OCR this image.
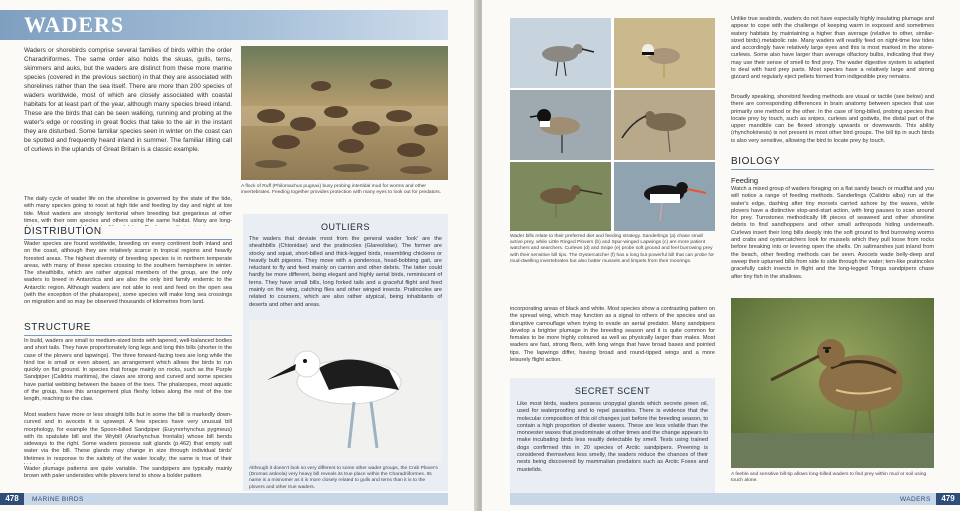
WADERS
Waders or shorebirds comprise several families of birds within the order Charadriiformes. The same order also holds the skuas, gulls, terns, skimmers and auks, but the waders are distinct from these more marine species (covered in the previous section) in that they are associated with shorelines rather than the sea itself. There are more than 200 species of waders worldwide, most of which are closely associated with coastal habitats for at least part of the year, although many species breed inland. These are the birds that can be seen walking, running and probing at the water's edge or roosting in great flocks that take to the air in the instant they are disturbed. Some familiar species seen in winter on the coast can be spotted and frequently heard inland in summer. The familiar lilting call of curlews in the uplands of Great Britain is a classic example.
A flock of Ruff (Philomachus pugnax) busy probing intertidal mud for worms and other invertebrates. Feeding together provides protection with many eyes to look out for predators.
The daily cycle of wader life on the shoreline is governed by the state of the tide, with many species going to roost at high tide and feeding by day and night at low tide. Most waders are strongly territorial when breeding but gregarious at other times, with their own species and others using the same habitat. Many are long-
DISTRIBUTION
Wader species are found worldwide, breeding on every continent both inland and on the coast, although they are relatively scarce in tropical regions and heavily forested areas. The highest diversity of breeding species is in northern temperate areas, with many of these species crossing to the southern hemisphere in winter. The sheathbills, which are rather atypical members of the group, are the only waders to breed in Antarctica and are also the only bird family endemic to the Antarctic region. Although waders are not able to rest and feed on the open sea (with the exception of the phalaropes), some species will make long sea crossings on migration and so may be observed thousands of kilometres from land.
STRUCTURE
In build, waders are small to medium-sized birds with tapered, well-balanced bodies and short tails. They have proportionately long legs and long thin bills (shorter in the case of the plovers and lapwings). The three forward-facing toes are long while the hind toe is small or even absent, an arrangement which allows the birds to run quickly on flat ground. In species that forage mainly on rocks, such as the Purple Sandpiper (Calidris maritima), the claws are strong and curved and some species have partial webbing between the bases of the toes. The phalaropes, most aquatic of the group, have this arrangement plus fleshy lobes along the rest of the toe length, reaching to the claw.
Most waders have more or less straight bills but in some the bill is markedly down-curved and in avocets it is upswept. A few species have very unusual bill morphology, for example the Spoon-billed Sandpiper (Eurynorhynchus pygmeus) with its spatulate bill and the Wrybill (Anarhynchus frontalis) whose bill bends sideways to the right. Some waders possess salt glands (p.462) that empty salt water via the bill. These glands may change in size through individual birds' lifetimes in response to the salinity of the water locally; the same is true of their
Wader plumage patterns are quite variable. The sandpipers are typically mainly brown with paler undersides while plovers tend to show a bolder pattern
OUTLIERS
The waders that deviate most from the general wader 'look' are the sheathbills (Chionidae) and the pratincoles (Glareolidae). The former are stocky and squat, short-billed and thick-legged birds, resembling chickens or heavily built pigeons. They move with a ponderous, head-bobbing gait, are reluctant to fly and feed mainly on carrion and other debris. The latter could hardly be more different, being elegant and highly aerial birds, reminiscent of terns. They have small bills, long forked tails and a graceful flight and feed mainly on the wing, catching flies and other winged insects. Pratincoles are related to coursers, which are also rather atypical, being inhabitants of deserts and other arid areas.
Although it doesn't look so very different to some other wader groups, the Crab Plover's (Dromas ardeola) very heavy bill reveals its true place within the Charadriiformes. Its name is a misnomer as it is more closely related to gulls and terns than it is to the plovers and other true waders.
478	MARINE BIRDS
Wader bills relate to their preferred diet and feeding strategy. Sanderlings (a) chase small active prey, while Little Ringed Plovers (b) and Spur-winged Lapwings (c) are more patient watchers and searchers. Curlews (d) and Snipe (e) probe soft ground and feel burrowing prey with their sensitive bill tips. The Oystercatcher (f) has a long but powerful bill that can probe for mud-dwelling invertebrates but also batter mussels and limpets from their moorings.
incorporating areas of black and white. Most species show a contrasting pattern on the spread wing, which may function as a signal to others of the species and as disruptive camouflage when trying to evade an aerial predator. Many sandpipers develop a brighter plumage in the breeding season and it is quite common for females to be more highly coloured as well as physically larger than males. Most waders are fast, strong fliers, with long wings that have broad bases and pointed tips. The lapwings differ, having broad and round-tipped wings and a more leisurely flight action.
SECRET SCENT
Like most birds, waders possess uropygial glands which secrete preen oil, used for waterproofing and to repel parasites. There is evidence that the molecular composition of this oil changes just before the breeding season, to contain a high proportion of diester waxes. These are less volatile than the monoester waxes that predominate at other times and the change appears to make incubating birds less readily detectable by smell. Tests using trained dogs confirmed this in 20 species of Arctic sandpipers. Preening is considered themselves less smelly, the waders reduce the chances of their nests being discovered by mammalian predators such as Arctic Foxes and mustelids.
Unlike true seabirds, waders do not have especially highly insulating plumage and appear to cope with the challenge of keeping warm in exposed and sometimes watery habitats by maintaining a higher than average (relative to other, similar-sized birds) metabolic rate. Many waders will readily feed on night-time low tides and accordingly have relatively large eyes and this is most marked in the stone-curlews. Some also have larger than average olfactory bulbs, indicating that they may use their sense of smell to find prey. The wader digestive system is adapted to deal with hard prey parts. Most species have a relatively large and strong gizzard and regularly eject pellets formed from indigestible prey remains.
Broadly speaking, shorebird feeding methods are visual or tactile (see below) and there are corresponding differences in brain anatomy between species that use primarily one method or the other. In the case of long-billed, probing species that locate prey by touch, such as snipes, curlews and godwits, the distal part of the upper mandible can be flexed strongly upwards or downwards. This ability (rhynchokinesis) is not present in most other bird groups. The bill tip in such birds is also very sensitive, allowing the bird to locate prey by touch.
BIOLOGY
Feeding
Watch a mixed group of waders foraging on a flat sandy beach or mudflat and you will notice a range of feeding methods. Sanderlings (Calidris alba) run at the water's edge, dashing after tiny morsels carried ashore by the waves, while plovers have a distinctive stop-and-start action, with long pauses to scan around for prey. Turnstones methodically lift pieces of seaweed and other shoreline debris to find sandhoppers and other small arthropods hiding underneath. Curlews insert their long bills deeply into the soft ground to find burrowing worms and crabs and oystercatchers look for mussels which they pull loose from rocks before breaking into or levering open the shells. On saltmarshes just inland from the beach, other feeding methods can be seen. Avocets wade belly-deep and sweep their upturned bills from side to side through the water; tern-like pratincoles gracefully catch insects in flight and the long-legged Tringa sandpipers chase after tiny fish in the shallows.
A feeble and sensitive bill-tip allows long-billed waders to find prey within mud or soil using touch alone.
479
WADERS
